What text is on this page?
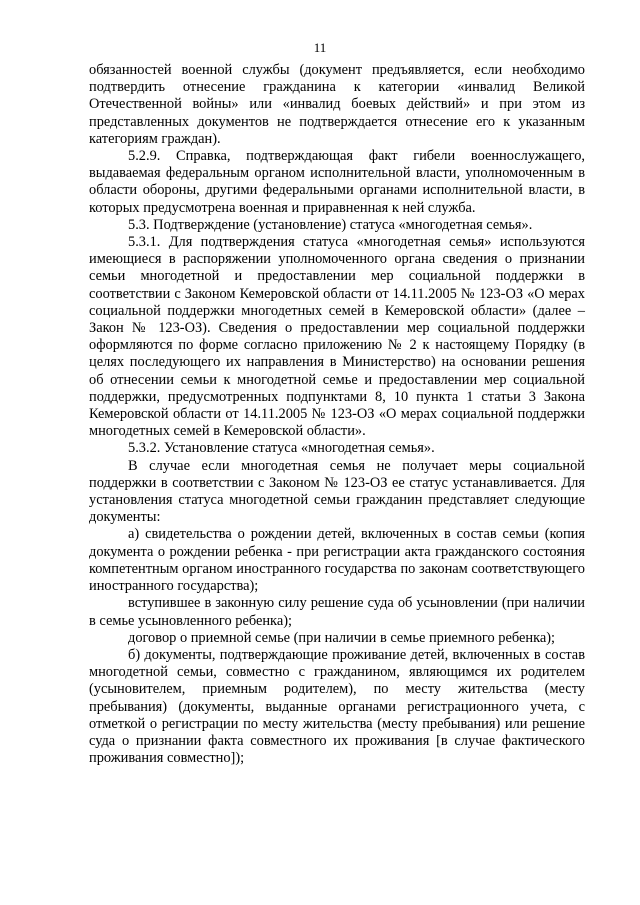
11

обязанностей военной службы (документ предъявляется, если необходимо подтвердить отнесение гражданина к категории «инвалид Великой Отечественной войны» или «инвалид боевых действий» и при этом из представленных документов не подтверждается отнесение его к указанным категориям граждан).

5.2.9. Справка, подтверждающая факт гибели военнослужащего, выдаваемая федеральным органом исполнительной власти, уполномоченным в области обороны, другими федеральными органами исполнительной власти, в которых предусмотрена военная и приравненная к ней служба.

5.3. Подтверждение (установление) статуса «многодетная семья».

5.3.1. Для подтверждения статуса «многодетная семья» используются имеющиеся в распоряжении уполномоченного органа сведения о признании семьи многодетной и предоставлении мер социальной поддержки в соответствии с Законом Кемеровской области от 14.11.2005 № 123-ОЗ «О мерах социальной поддержки многодетных семей в Кемеровской области» (далее – Закон № 123-ОЗ). Сведения о предоставлении мер социальной поддержки оформляются по форме согласно приложению № 2 к настоящему Порядку (в целях последующего их направления в Министерство) на основании решения об отнесении семьи к многодетной семье и предоставлении мер социальной поддержки, предусмотренных подпунктами 8, 10 пункта 1 статьи 3 Закона Кемеровской области от 14.11.2005 № 123-ОЗ «О мерах социальной поддержки многодетных семей в Кемеровской области».

5.3.2. Установление статуса «многодетная семья».

В случае если многодетная семья не получает меры социальной поддержки в соответствии с Законом № 123-ОЗ ее статус устанавливается. Для установления статуса многодетной семьи гражданин представляет следующие документы:

а) свидетельства о рождении детей, включенных в состав семьи (копия документа о рождении ребенка - при регистрации акта гражданского состояния компетентным органом иностранного государства по законам соответствующего иностранного государства);

вступившее в законную силу решение суда об усыновлении (при наличии в семье усыновленного ребенка);

договор о приемной семье (при наличии в семье приемного ребенка);

б) документы, подтверждающие проживание детей, включенных в состав многодетной семьи, совместно с гражданином, являющимся их родителем (усыновителем, приемным родителем), по месту жительства (месту пребывания) (документы, выданные органами регистрационного учета, с отметкой о регистрации по месту жительства (месту пребывания) или решение суда о признании факта совместного их проживания [в случае фактического проживания совместно]);
